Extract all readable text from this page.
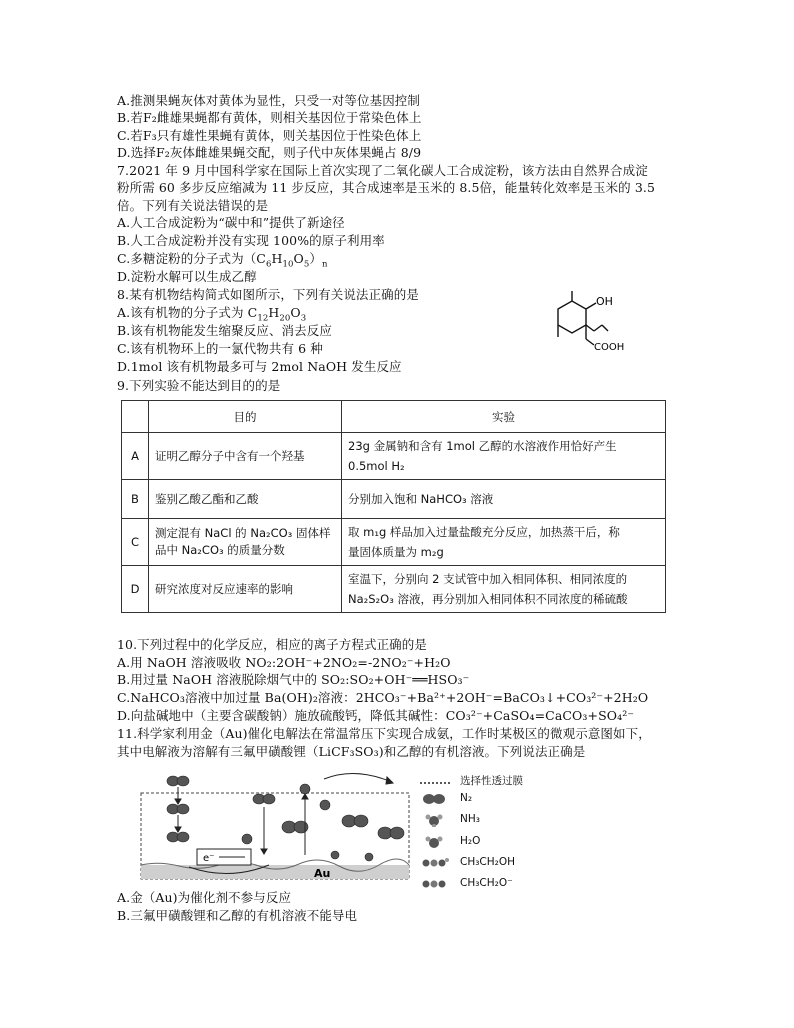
A.推测果蝇灰体对黄体为显性，只受一对等位基因控制
B.若F₂雌雄果蝇都有黄体，则相关基因位于常染色体上
C.若F₃只有雄性果蝇有黄体，则关基因位于性染色体上
D.选择F₂灰体雌雄果蝇交配，则子代中灰体果蝇占 8/9
7.2021 年 9 月中国科学家在国际上首次实现了二氧化碳人工合成淀粉，该方法由自然界合成淀
粉所需 60 多步反应缩减为 11 步反应，其合成速率是玉米的 8.5倍，能量转化效率是玉米的 3.5
倍。下列有关说法错误的是
A.人工合成淀粉为“碳中和”提供了新途径
B.人工合成淀粉并没有实现 100%的原子利用率
C.多糖淀粉的分子式为$(C_6H_{10}O_5)_n$
D.淀粉水解可以生成乙醇
8.某有机物结构简式如图所示，下列有关说法正确的是
A.该有机物的分子式为 $C_{12}H_{20}O_3$
B.该有机物能发生缩聚反应、消去反应
C.该有机物环上的一氯代物共有 6 种
D.1mol 该有机物最多可与 2mol NaOH 发生反应
OH
COOH
9.下列实验不能达到目的的是
	目的	实验
A	证明乙醇分子中含有一个羟基	23g 金属钠和含有 1mol 乙醇的水溶液作用恰好产生
0.5mol H₂

B	鉴别乙酸乙酯和乙酸	分别加入饱和 NaHCO₃ 溶液
C	测定混有 NaCl 的 Na₂CO₃ 固体样品中 Na₂CO₃ 的质量分数	取 m₁g 样品加入过量盐酸充分反应，加热蒸干后，称
量固体质量为 m₂g

D	研究浓度对反应速率的影响	室温下，分别向 2 支试管中加入相同体积、相同浓度的
Na₂S₂O₃ 溶液，再分别加入相同体积不同浓度的稀硫酸
10.下列过程中的化学反应，相应的离子方程式正确的是
A.用 NaOH 溶液吸收 NO₂:2OH⁻+2NO₂=-2NO₂⁻+H₂O
B.用过量 NaOH 溶液脱除烟气中的 SO₂:SO₂+OH⁻══HSO₃⁻
C.NaHCO₃溶液中加过量 Ba(OH)₂溶液：2HCO₃⁻+Ba²⁺+2OH⁻=BaCO₃↓+CO₃²⁻+2H₂O
D.向盐碱地中（主要含碳酸钠）施放硫酸钙，降低其碱性：CO₃²⁻+CaSO₄=CaCO₃+SO₄²⁻
11.科学家利用金（Au)催化电解法在常温常压下实现合成氨，工作时某极区的微观示意图如下，
其中电解液为溶解有三氟甲磺酸锂（LiCF₃SO₃)和乙醇的有机溶液。下列说法正确是
Au
e⁻
选择性透过膜
N₂
NH₃
H₂O
CH₃CH₂OH
CH₃CH₂O⁻
A.金（Au)为催化剂不参与反应
B.三氟甲磺酸锂和乙醇的有机溶液不能导电
